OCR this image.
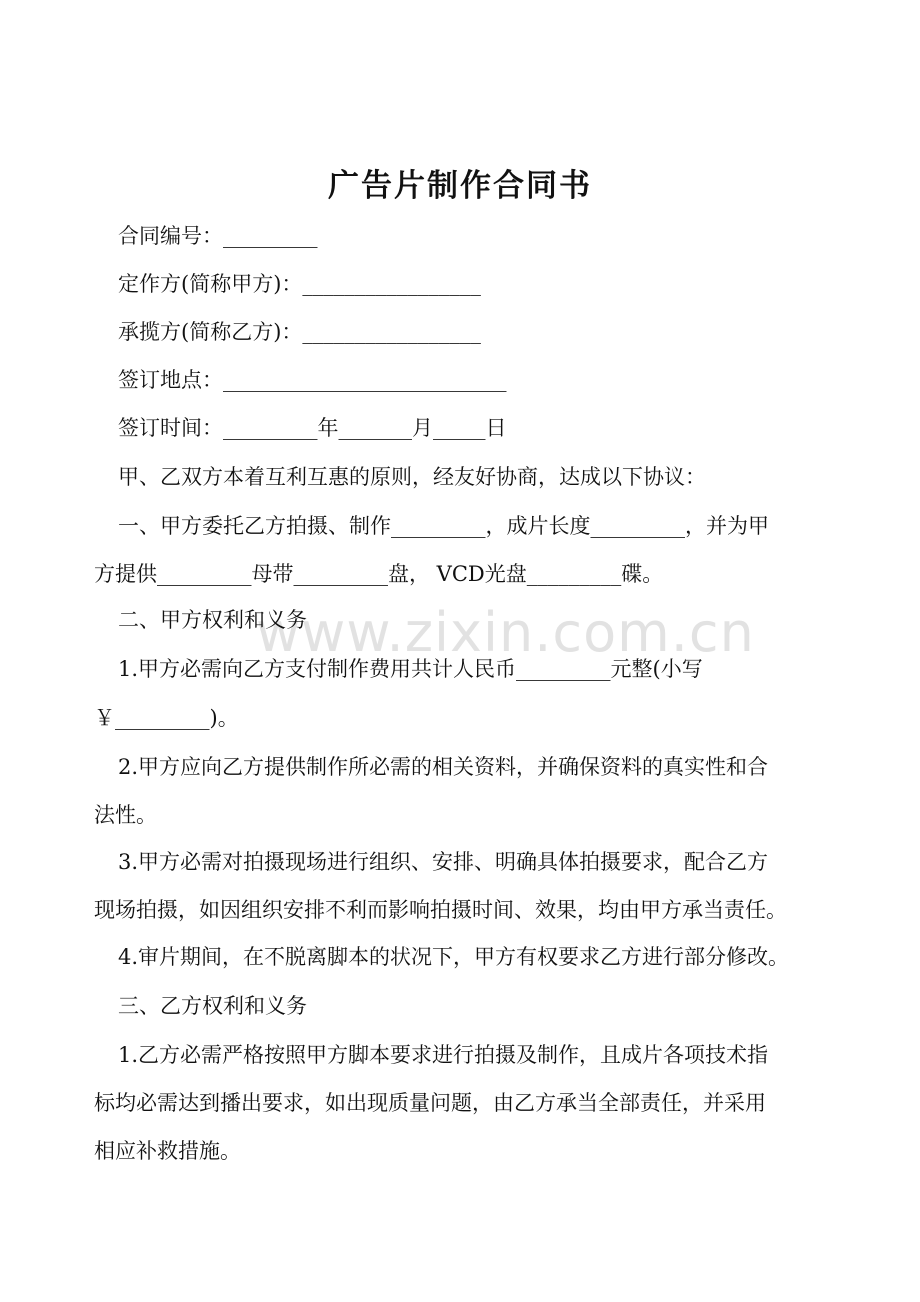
www.zixin.com.cn
广告片制作合同书
合同编号：_________
定作方(简称甲方)：_________________
承揽方(简称乙方)：_________________
签订地点：___________________________
签订时间：_________年_______月_____日
甲、乙双方本着互利互惠的原则，经友好协商，达成以下协议：
一、甲方委托乙方拍摄、制作_________，成片长度_________，并为甲
方提供_________母带_________盘， VCD光盘_________碟。
二、甲方权利和义务
1.甲方必需向乙方支付制作费用共计人民币_________元整(小写
￥_________)。
2.甲方应向乙方提供制作所必需的相关资料，并确保资料的真实性和合
法性。
3.甲方必需对拍摄现场进行组织、安排、明确具体拍摄要求，配合乙方
现场拍摄，如因组织安排不利而影响拍摄时间、效果，均由甲方承当责任。
4.审片期间，在不脱离脚本的状况下，甲方有权要求乙方进行部分修改。
三、乙方权利和义务
1.乙方必需严格按照甲方脚本要求进行拍摄及制作，且成片各项技术指
标均必需达到播出要求，如出现质量问题，由乙方承当全部责任，并采用
相应补救措施。
